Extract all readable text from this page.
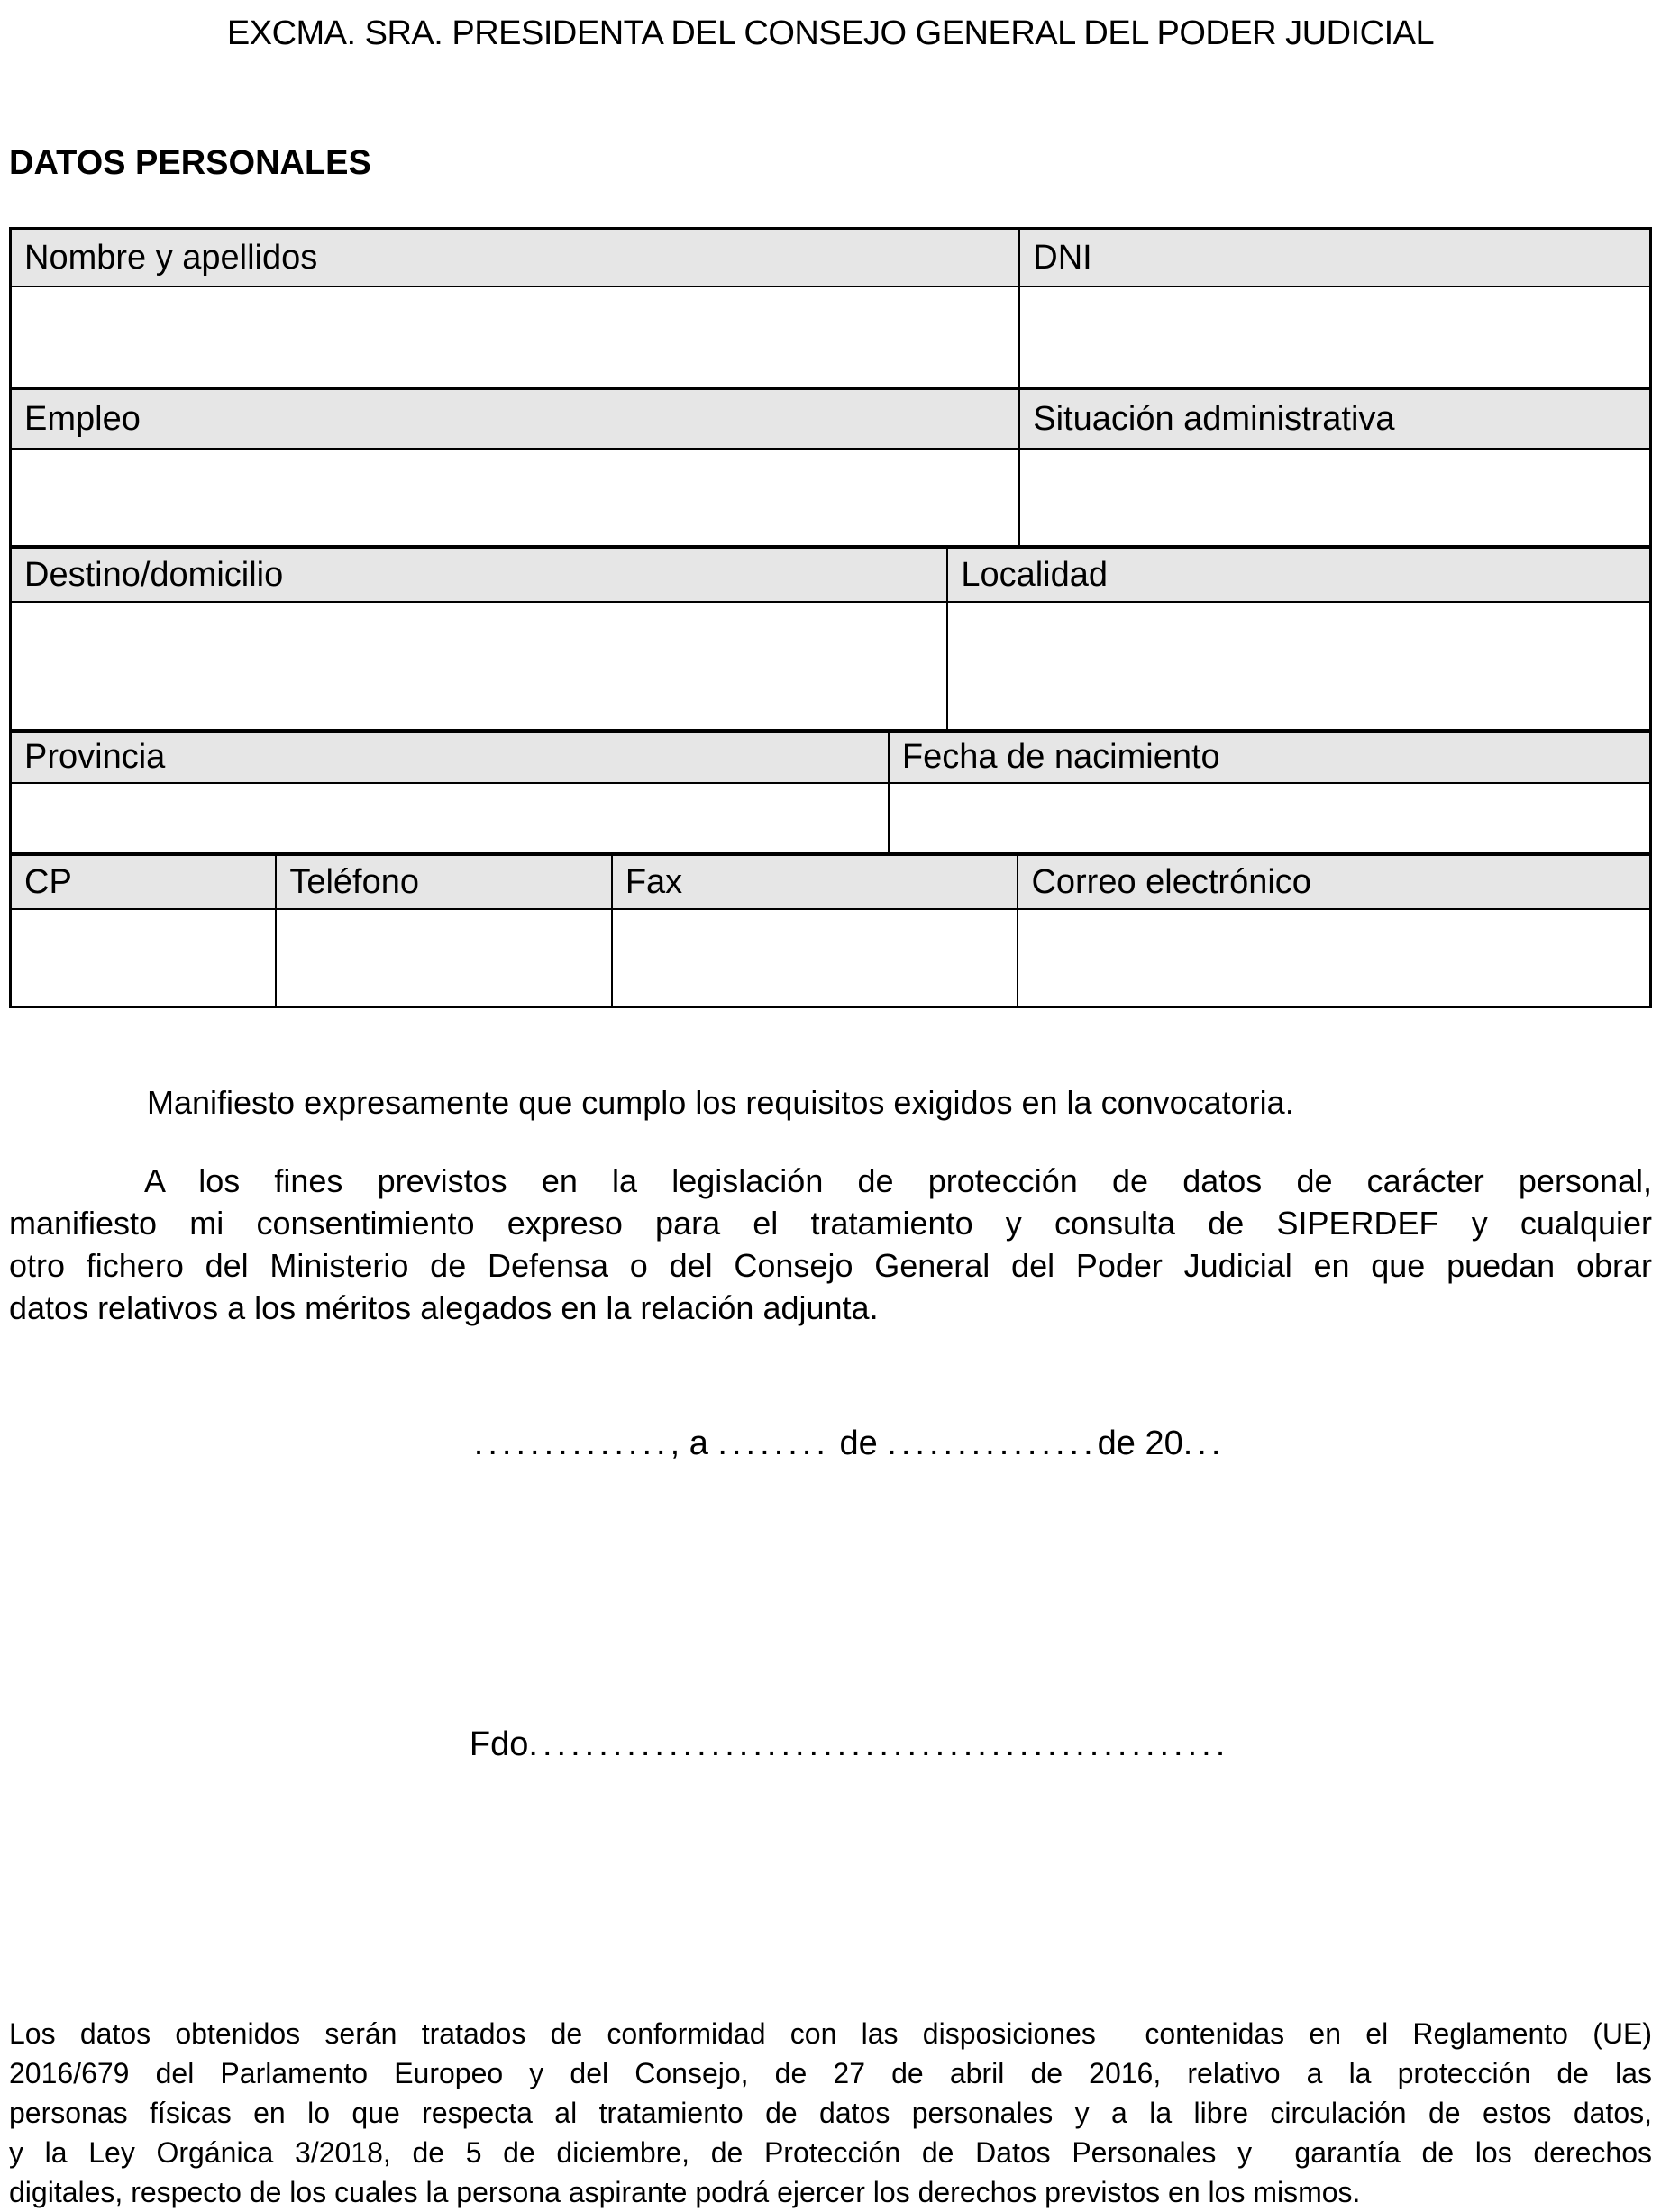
EXCMA. SRA. PRESIDENTA DEL CONSEJO GENERAL DEL PODER JUDICIAL
DATOS PERSONALES
Nombre y apellidos	DNI
Empleo	Situación administrativa
Destino/domicilio	Localidad
Provincia	Fecha de nacimiento
CP	Teléfono	Fax	Correo electrónico
Manifiesto expresamente que cumplo los requisitos exigidos en la convocatoria.
A los fines previstos en la legislación de protección de datos de carácter personal,
manifiesto mi consentimiento expreso para el tratamiento y consulta de SIPERDEF y cualquier
otro fichero del Ministerio de Defensa o del Consejo General del Poder Judicial en que puedan obrar
datos relativos a los méritos alegados en la relación adjunta.

.............., a ........ de ...............de 20...

Fdo..................................................

Los datos obtenidos serán tratados de conformidad con las disposiciones  contenidas en el Reglamento (UE)
2016/679 del Parlamento Europeo y del Consejo, de 27 de abril de 2016, relativo a la protección de las
personas físicas en lo que respecta al tratamiento de datos personales y a la libre circulación de estos datos,
y la Ley Orgánica 3/2018, de 5 de diciembre, de Protección de Datos Personales y  garantía de los derechos
digitales, respecto de los cuales la persona aspirante podrá ejercer los derechos previstos en los mismos.
